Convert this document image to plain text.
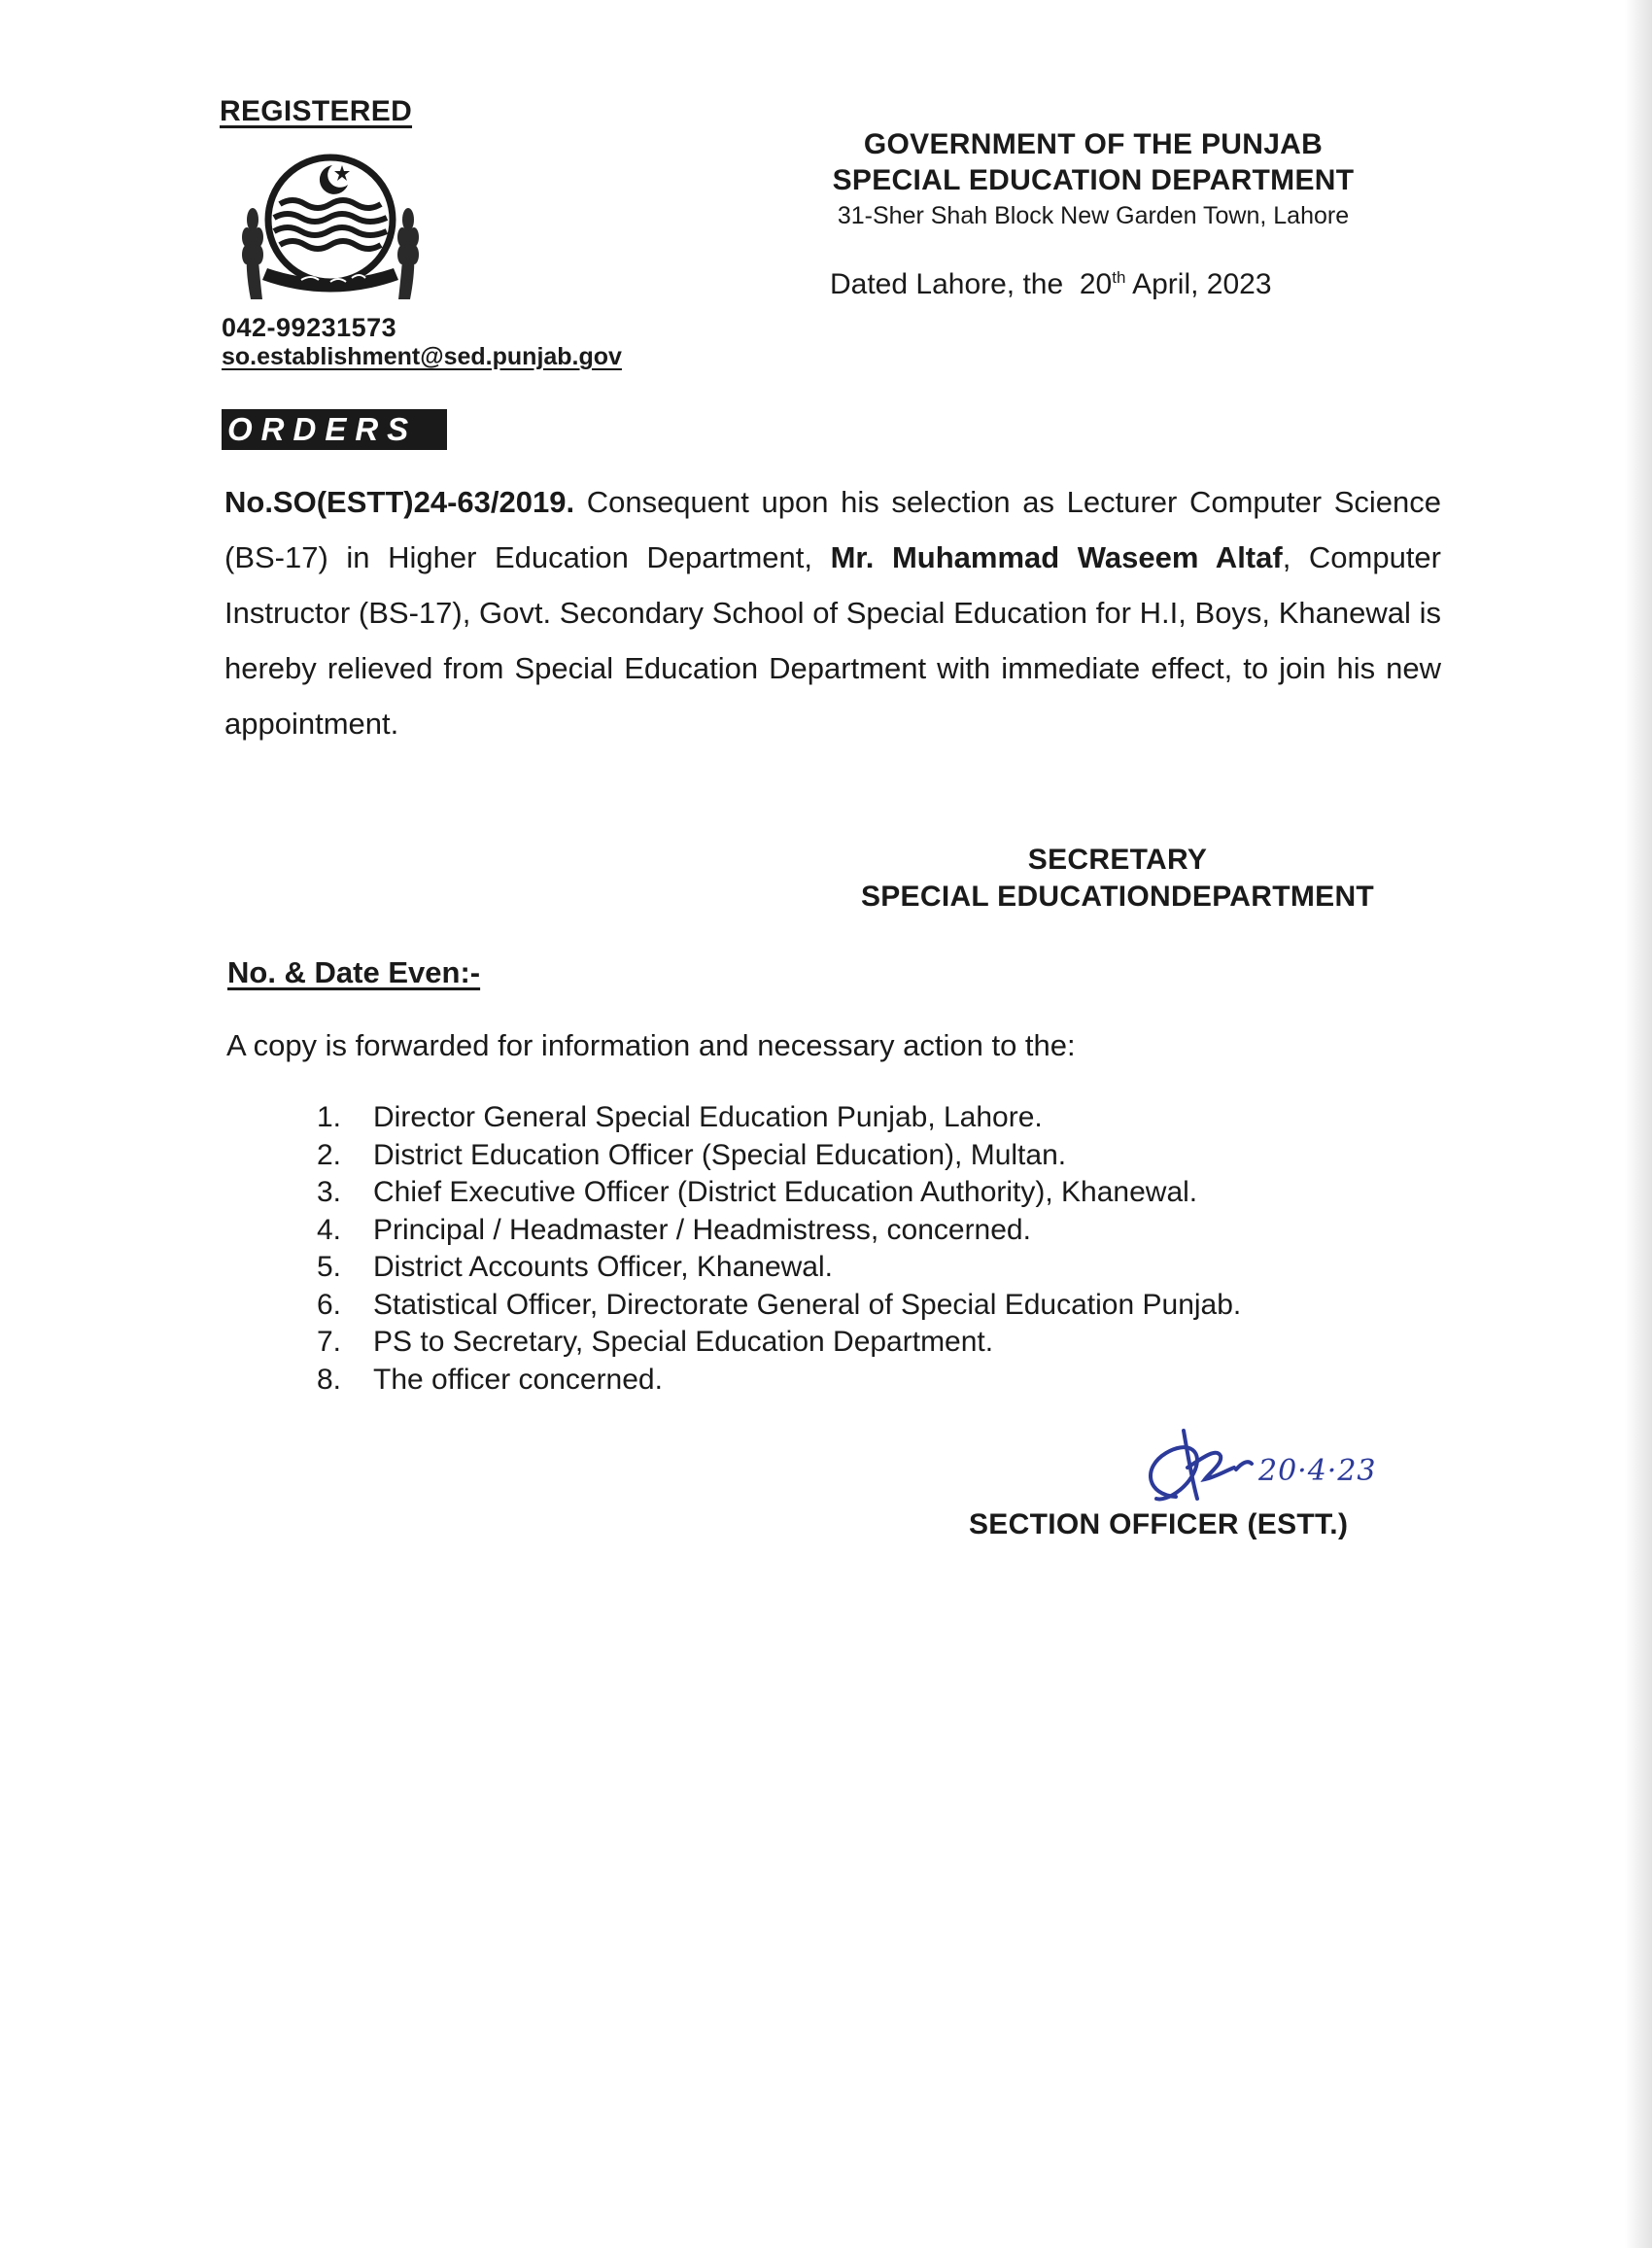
REGISTERED
042-99231573
so.establishment@sed.punjab.gov
GOVERNMENT OF THE PUNJAB
SPECIAL EDUCATION DEPARTMENT
31-Sher Shah Block New Garden Town, Lahore
Dated Lahore, the 20th April, 2023
ORDERS
No.SO(ESTT)24-63/2019. Consequent upon his selection as Lecturer Computer Science (BS-17) in Higher Education Department, Mr. Muhammad Waseem Altaf, Computer Instructor (BS-17), Govt. Secondary School of Special Education for H.I, Boys, Khanewal is hereby relieved from Special Education Department with immediate effect, to join his new appointment.
SECRETARY
SPECIAL EDUCATIONDEPARTMENT
No. & Date Even:-
A copy is forwarded for information and necessary action to the:
1.	Director General Special Education Punjab, Lahore.
2.	District Education Officer (Special Education), Multan.
3.	Chief Executive Officer (District Education Authority), Khanewal.
4.	Principal / Headmaster / Headmistress, concerned.
5.	District Accounts Officer, Khanewal.
6.	Statistical Officer, Directorate General of Special Education Punjab.
7.	PS to Secretary, Special Education Department.
8.	The officer concerned.
20·4·23
SECTION OFFICER (ESTT.)
